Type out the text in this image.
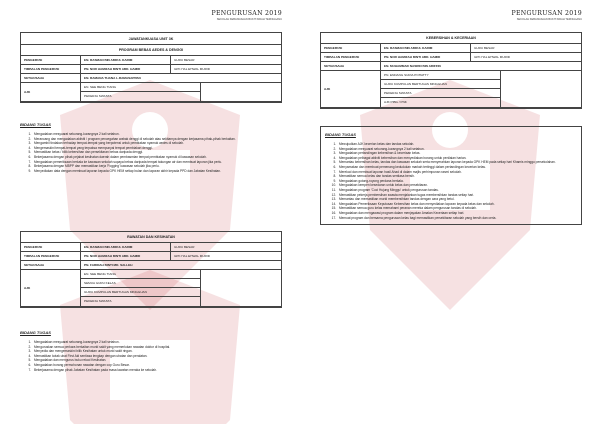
PENGURUSAN 2019
SEKOLAH KEBANGSAAN BUKIT INDAH TERNGGANU
JAWATANKUASA UNIT 3K
PROGRAM BEBAS AEDES & DENGGI
PENGERUSI	EN. RASMAN BIN ABDUL KARIM	GURU BESAR
TIMBALAN PENGERUSI	PN. NOR HAMIZAH BINTI ABD. HAMID	GPK HAL EHWAL MURID
SETIAUSAHA	EN. RAMANA THANA L.RAMASAPPAN
AJK
EN. SEE BENG TIANG
PEKERJA SWASTA
BIDANG TUGAS
1. Mengadakan mesyuarat sekurang-kurangnya 2 kali setahun.
2. Merancang dan mengadakan aktiviti / program pencegahan wabak denggi di sekolah atau sekitarnya dengan kerjasama pihak-pihak berkaitan.
3. Mengambil tindakan terhadap tempat-tempat yang berpotensi untuk pembiakan nyamuk aedes di sekolah.
4. Mengemaskini tempat-tempat yang terpaksa mempunyai tempat pembiakan denggi.
5. Memastikan kelas / bilik kebersihan dan persekitaran bebas daripada denggi.
6. Bekerjasama dengan pihak pejabat kesihatan daerah dalam pembasmian tempat pembiakan nyamuk di kawasan sekolah.
7. Mengadakan pemeriksaan berkala ke kawasan sekolah supaya bebas daripada tempat takungan air dan membuat laporan jika perlu.
8. Bekerjasama dengan MBPP dan memastikan kerja 'Fogging' kawasan sekolah jika perlu.
9. Menyediakan data dengan membuat laporan kepada GPK HEM setiap bulan dan laporan akhir kepada PPD dan Jabatan Kesihatan.
RAWATAN DAN KESIHATAN
PENGERUSI	EN. RASMAN BIN ABDUL KARIM	GURU BESAR
TIMBALAN PENGERUSI	PN. NOR HAMIZAH BINTI ABD. HAMID	GPK HAL EHWAL MURID
SETIAUSAHA	PN. FARIDAH BINTI MD. SALLEH
AJK
EN. SEE BENG TIANG
SEMUA GURU KELAS
GURU KUMPULAN BERTUGAS MINGGUAN
PEKERJA SWASTA
BIDANG TUGAS
1. Mengadakan mesyuarat sekurang-kurangnya 2 kali setahun.
2. Menguruskan semua perkara berkaitan murid sakit yang memerlukan rawatan doktor di hospital.
3. Menyedia dan mengemaskini bilik Kesihatan untuk murid sakit ringan.
4. Memastikan kotak ubat First Aid sentiasa lengkap dengan ubatan dan peralatan.
5. Mengadakan dan mengurus buku rekod Kesihatan.
6. Mengadakan borang permohonan rawatan dengan cop Guru Besar.
7. Bekerjasama dengan pihak Jabatan Kesihatan pada masa lawatan meraka ke sekolah.
PENGURUSAN 2019
SEKOLAH KEBANGSAAN BUKIT INDAH TERNGGANU
KEBERSIHAN & KECERIAAN
PENGERUSI	EN. RASMAN BIN ABDUL KARIM	GURU BESAR
TIMBALAN PENGERUSI	PN. NOR HAMIZAH BINTI ABD. HAMID	GPK HAL EHWAL MURID
SETIAUSAHA	EN. MUHAMMAD NASRIN BIN ARIFFIN
AJK
PN. ENDANG SURIA POHATTY
GURU KUMPULAN BERTUGAS MINGGUAN
PEKERJA SWASTA
AJK PIBG / PNK
BIDANG TUGAS
1. Mewujudkan AJK kecerian kelas dan tandas sekolah.
2. Mengadakan mesyuarat sekurang-kurangnya 2 kali setahun.
3. Mengadakan pertandingan kebersihan & keceriaan kelas.
4. Mengadakan pelbagai aktiviti kebersihan dan menyediakan borang untuk penilaian harian.
5. Memantau kebersihan kelas, tandas dan kawasan sekolah serta menyerahkan laporan kepada GPK HEM pada setiap hari Khamis minggu persekolahan.
6. Menyamakan dan membuat pemenang kedudukan markah tertinggi dalam pertandingan kecerian kelas.
7. Merekod dan membuat laporan hasil Ahad di dalam majlis perhimpunan rasmi sekolah.
8. Memastikan semua kelas dan tandas sentiasa bersih.
9. Mengadakan gotong-royong perdana berkala.
10. Mengadakan kempen kesedaran untuk kelas dan persekitaran.
11. Mengadakan program 'Cuci Hujung Minggu' untuk pengurusan tandas.
12. Memastikan pekerja pembersihan swasta menjalankan tugas membersihkan tandas setiap hari.
13. Memantau dan memastikan murid membersihkan tandas dengan cara yang betul.
14. Mengadakan Pemeriksaan Keputusan Kebersihan kelas dan menyediakan laporan kepada kelas dan sekolah.
15. Memastikan semua guru kelas memahami peranan mereka dalam pengurusan tandas di sekolah.
16. Mengadakan dan mengawasi program dalam menjayakan Amalan Keceriaan setiap hari.
17. Memuat program dan bersama pengurusan kelas bagi memastikan persekitaran sekolah yang bersih dan ceria.
